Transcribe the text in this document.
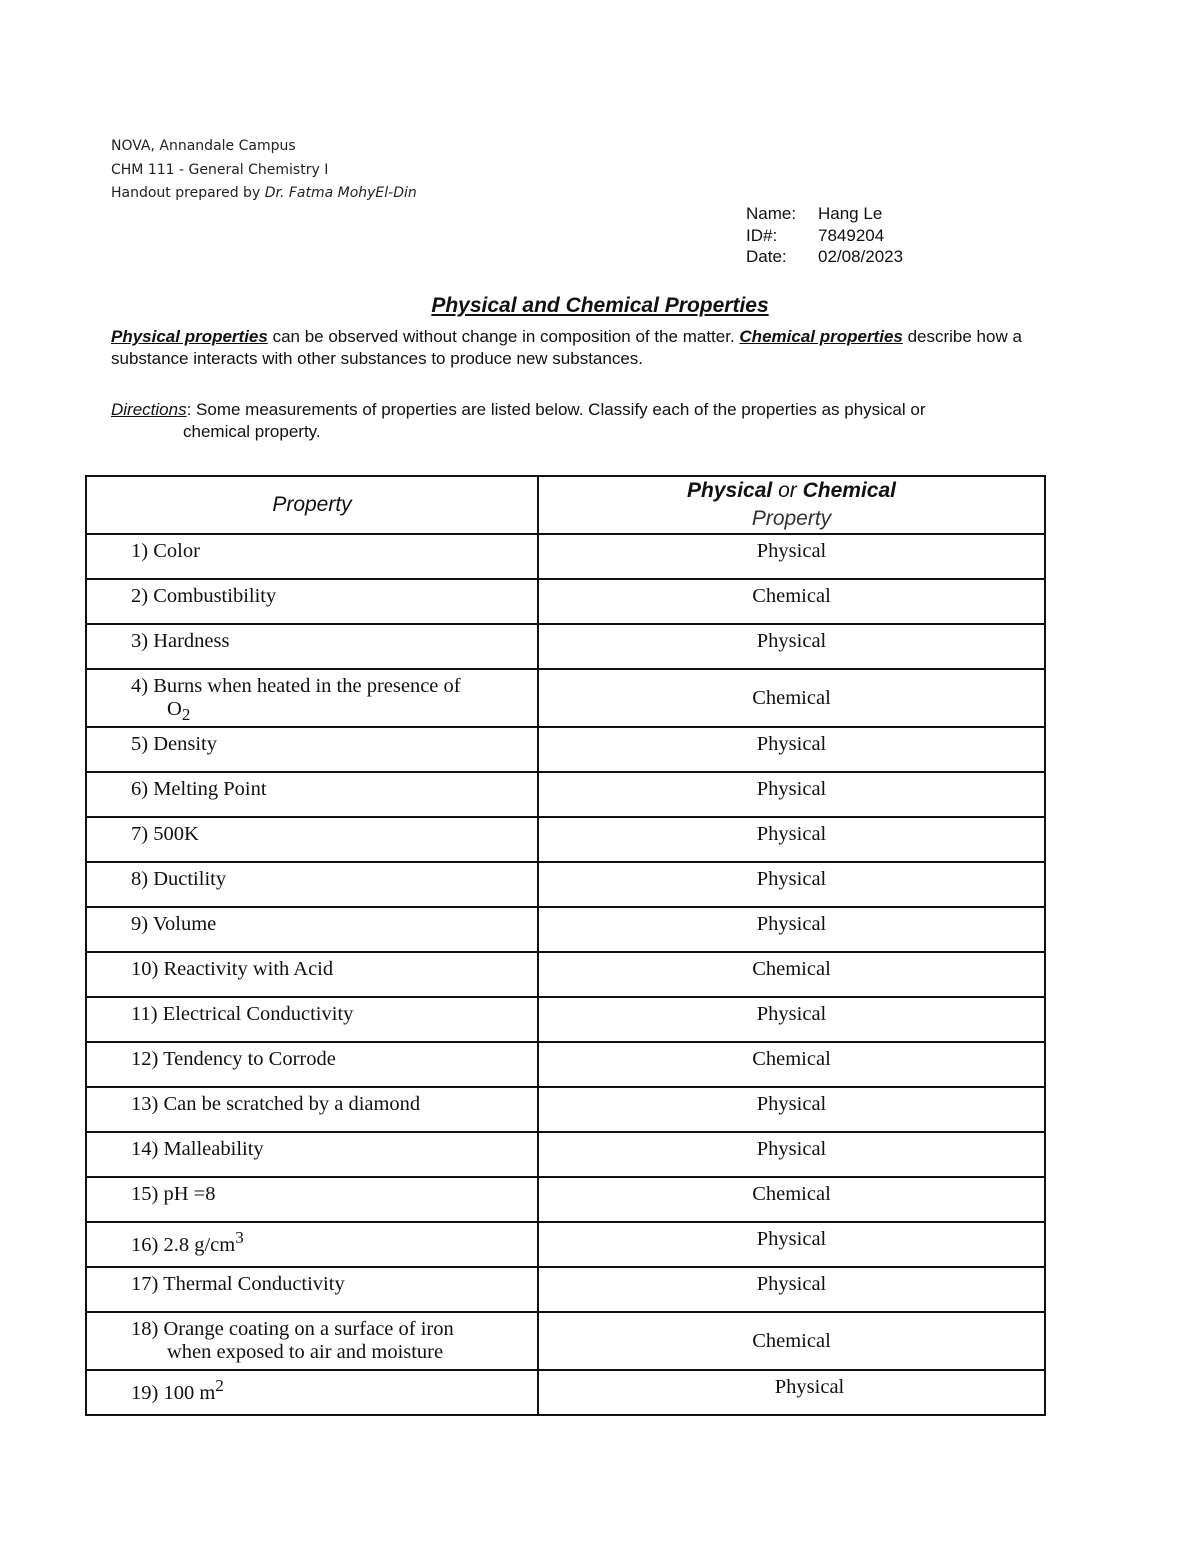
NOVA, Annandale Campus
CHM 111 - General Chemistry I
Handout prepared by Dr. Fatma MohyEl-Din
Name:	Hang Le
ID#:	7849204
Date:	02/08/2023
Physical and Chemical Properties
Physical properties can be observed without change in composition of the matter. Chemical properties describe how a substance interacts with other substances to produce new substances.
Directions: Some measurements of properties are listed below. Classify each of the properties as physical or
chemical property.
Property	Physical or Chemical
Property

1) Color	Physical

2) Combustibility	Chemical

3) Hardness	Physical

4) Burns when heated in the presence of
$O_2$	Chemical

5) Density	Physical

6) Melting Point	Physical

7) 500K	Physical

8) Ductility	Physical

9) Volume	Physical

10) Reactivity with Acid	Chemical

11) Electrical Conductivity	Physical

12) Tendency to Corrode	Chemical

13) Can be scratched by a diamond	Physical

14) Malleability	Physical

15) pH =8	Chemical

16) 2.8 $g/cm^3$	Physical

17) Thermal Conductivity	Physical

18) Orange coating on a surface of iron
when exposed to air and moisture	Chemical

19) 100 $m^2$	Physical
